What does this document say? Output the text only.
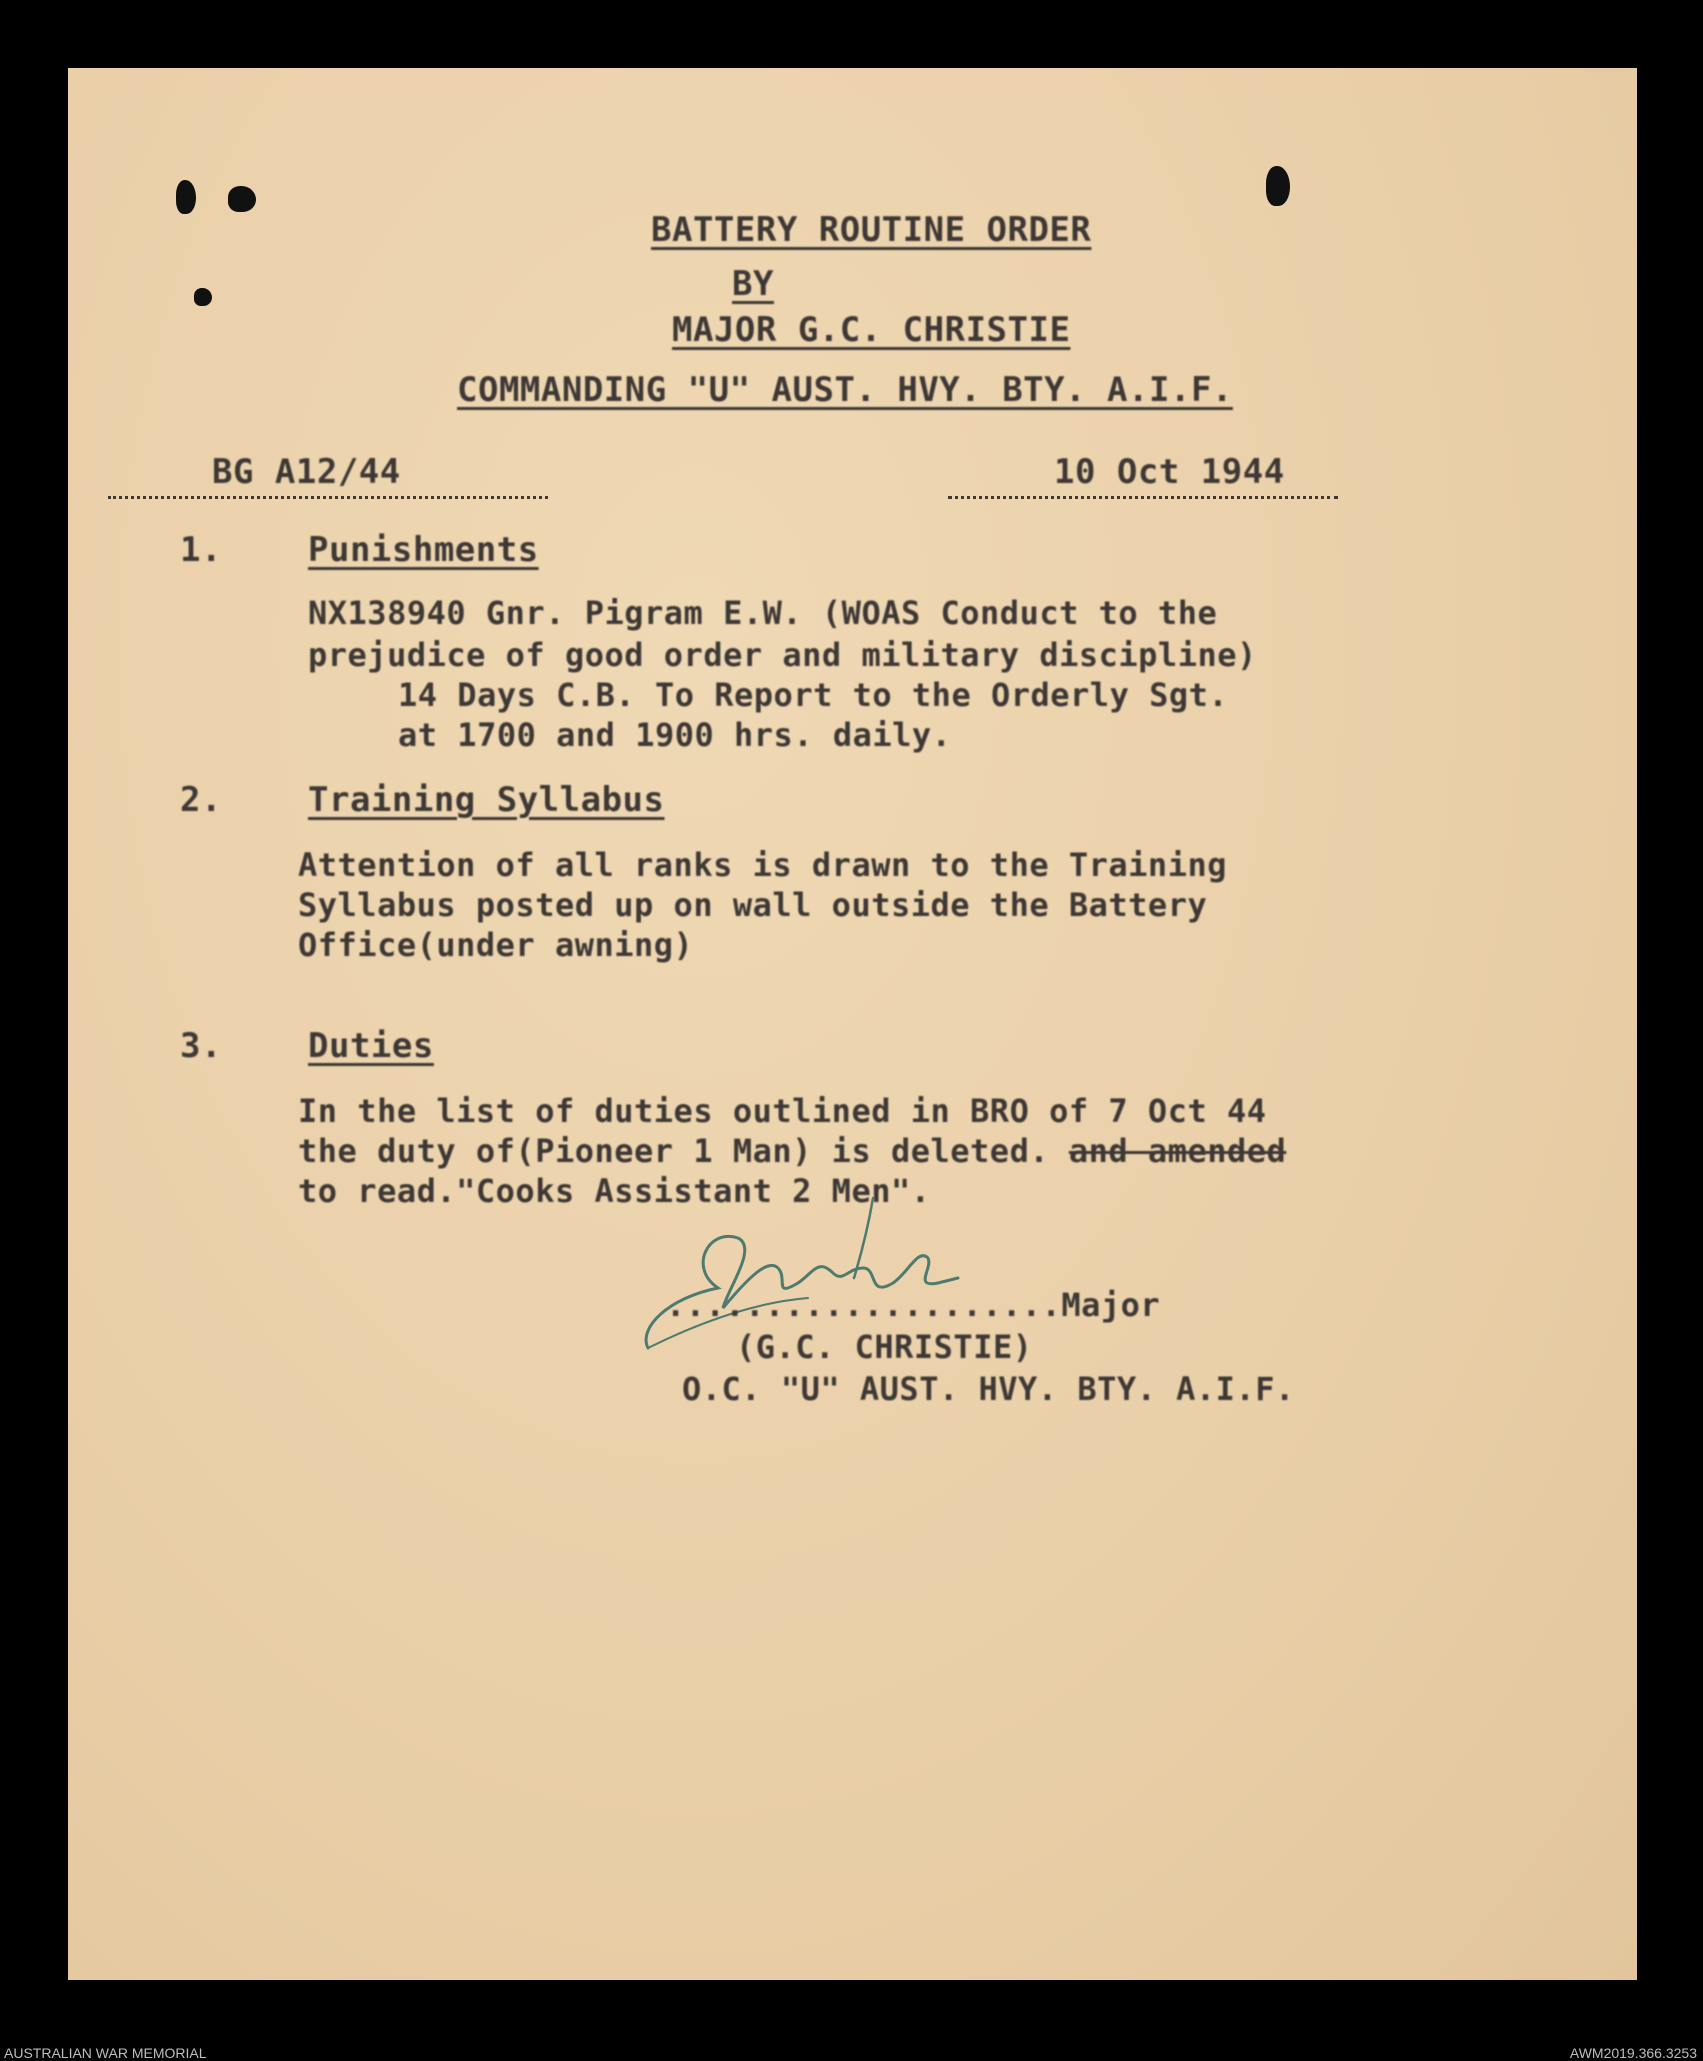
BATTERY ROUTINE ORDER
BY
MAJOR G.C. CHRISTIE
COMMANDING "U" AUST. HVY. BTY. A.I.F.
BG A12/44	10 Oct 1944
1.	Punishments
NX138940 Gnr. Pigram E.W. (WOAS Conduct to the
prejudice of good order and military discipline)
14 Days C.B. To Report to the Orderly Sgt.
at 1700 and 1900 hrs. daily.
2.	Training Syllabus
Attention of all ranks is drawn to the Training
Syllabus posted up on wall outside the Battery
Office(under awning)
3.	Duties
In the list of duties outlined in BRO of 7 Oct 44
the duty of(Pioneer 1 Man) is deleted. and amended
to read."Cooks Assistant 2 Men".
....................Major
(G.C. CHRISTIE)
O.C. "U" AUST. HVY. BTY. A.I.F.
AUSTRALIAN WAR MEMORIAL	AWM2019.366.3253
